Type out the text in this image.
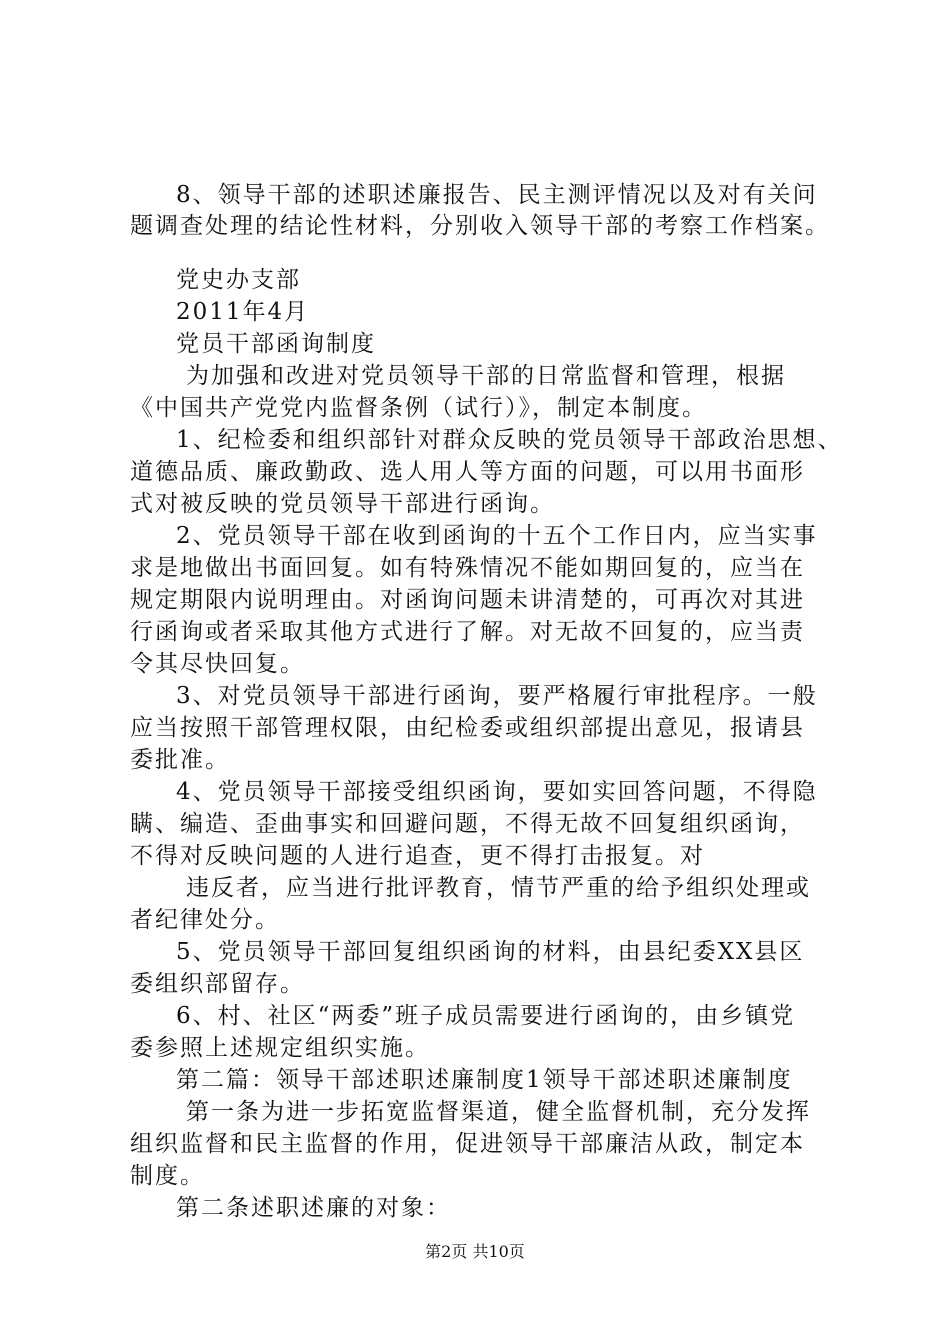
8、领导干部的述职述廉报告、民主测评情况以及对有关问
题调查处理的结论性材料，分别收入领导干部的考察工作档案。
党史办支部
2011年4月
党员干部函询制度
为加强和改进对党员领导干部的日常监督和管理，根据
《中国共产党党内监督条例（试行）》，制定本制度。
1、纪检委和组织部针对群众反映的党员领导干部政治思想、
道德品质、廉政勤政、选人用人等方面的问题，可以用书面形
式对被反映的党员领导干部进行函询。
2、党员领导干部在收到函询的十五个工作日内，应当实事
求是地做出书面回复。如有特殊情况不能如期回复的，应当在
规定期限内说明理由。对函询问题未讲清楚的，可再次对其进
行函询或者采取其他方式进行了解。对无故不回复的，应当责
令其尽快回复。
3、对党员领导干部进行函询，要严格履行审批程序。一般
应当按照干部管理权限，由纪检委或组织部提出意见，报请县
委批准。
4、党员领导干部接受组织函询，要如实回答问题，不得隐
瞒、编造、歪曲事实和回避问题，不得无故不回复组织函询，
不得对反映问题的人进行追查，更不得打击报复。对
违反者，应当进行批评教育，情节严重的给予组织处理或
者纪律处分。
5、党员领导干部回复组织函询的材料，由县纪委XX县区
委组织部留存。
6、村、社区“两委”班子成员需要进行函询的，由乡镇党
委参照上述规定组织实施。
第二篇：领导干部述职述廉制度1领导干部述职述廉制度
第一条为进一步拓宽监督渠道，健全监督机制，充分发挥
组织监督和民主监督的作用，促进领导干部廉洁从政，制定本
制度。
第二条述职述廉的对象：
第2页 共10页
